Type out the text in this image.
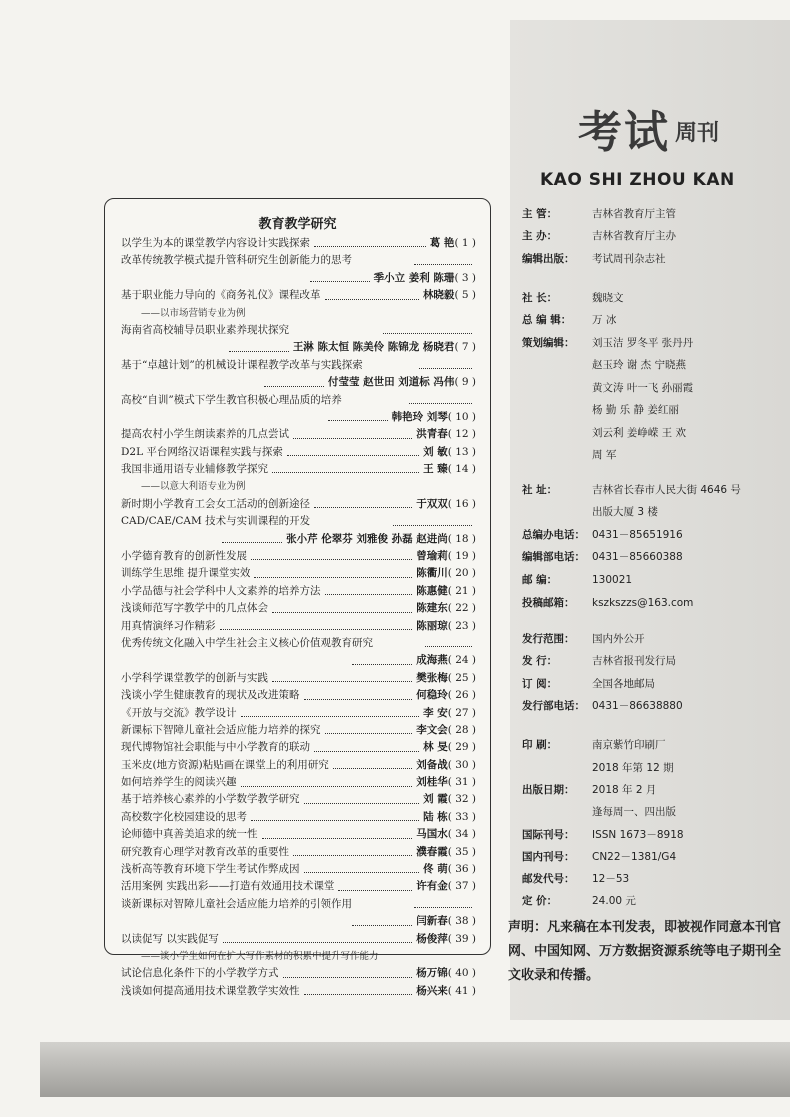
考试 周刊
KAO SHI ZHOU KAN
教育教学研究
以学生为本的课堂教学内容设计实践探索	葛 艳 ( 1 )
改革传统教学模式提升管科研究生创新能力的思考
季小立 姜利 陈珊 ( 3 )
基于职业能力导向的《商务礼仪》课程改革	林晓毅 ( 5 )
——以市场营销专业为例
海南省高校辅导员职业素养现状探究
王淋 陈太恒 陈美伶 陈锦龙 杨晓君 ( 7 )
基于“卓越计划”的机械设计课程教学改革与实践探索
付莹莹 赵世田 刘道标 冯伟 ( 9 )
高校“自训”模式下学生教官积极心理品质的培养
韩艳玲 刘琴 ( 10 )
提高农村小学生朗读素养的几点尝试	洪青春 ( 12 )
D2L 平台网络汉语课程实践与探索	刘 敏 ( 13 )
我国非通用语专业辅修教学探究	王 臻 ( 14 )
——以意大利语专业为例
新时期小学教育工会女工活动的创新途径	于双双 ( 16 )
CAD/CAE/CAM 技术与实训课程的开发
张小芹 伦翠芬 刘雅俊 孙磊 赵进尚 ( 18 )
小学德育教育的创新性发展	曾瑜莉 ( 19 )
训练学生思维 提升课堂实效	陈衢川 ( 20 )
小学品德与社会学科中人文素养的培养方法	陈惠健 ( 21 )
浅谈师范写字教学中的几点体会	陈建东 ( 22 )
用真情演绎习作精彩	陈丽琼 ( 23 )
优秀传统文化融入中学生社会主义核心价值观教育研究
成海燕 ( 24 )
小学科学课堂教学的创新与实践	樊张梅 ( 25 )
浅谈小学生健康教育的现状及改进策略	何稳玲 ( 26 )
《开放与交流》教学设计	李 安 ( 27 )
新课标下智障儿童社会适应能力培养的探究	李文会 ( 28 )
现代博物馆社会职能与中小学教育的联动	林 旻 ( 29 )
玉米皮(地方资源)粘贴画在课堂上的利用研究	刘备战 ( 30 )
如何培养学生的阅读兴趣	刘桂华 ( 31 )
基于培养核心素养的小学数学教学研究	刘 霞 ( 32 )
高校数字化校园建设的思考	陆 栋 ( 33 )
论师德中真善美追求的统一性	马国水 ( 34 )
研究教育心理学对教育改革的重要性	濮春霞 ( 35 )
浅析高等教育环境下学生考试作弊成因	佟 萌 ( 36 )
活用案例 实践出彩——打造有效通用技术课堂	许有金 ( 37 )
谈新课标对智障儿童社会适应能力培养的引领作用
闫新春 ( 38 )
以读促写 以实践促写	杨俊萍 ( 39 )
——谈小学生如何在扩大写作素材的积累中提升写作能力
试论信息化条件下的小学教学方式	杨万锦 ( 40 )
浅谈如何提高通用技术课堂教学实效性	杨兴来 ( 41 )
主 管：	吉林省教育厅主管
主 办：	吉林省教育厅主办
编辑出版： 考试周刊杂志社
社 长：	魏晓文
总 编 辑： 万 冰
策划编辑： 刘玉洁 罗冬平 张丹丹
赵玉玲 谢 杰 宁晓燕
黄文涛 叶一飞 孙丽霞
杨 勤 乐 静 姜红丽
刘云利 姜峥嵘 王 欢
周 军
社 址：	吉林省长春市人民大街 4646 号
出版大厦 3 楼
总编办电话： 0431－85651916
编辑部电话： 0431－85660388
邮 编：	130021
投稿邮箱： kszkszzs@163.com
发行范围： 国内外公开
发 行：	吉林省报刊发行局
订 阅：	全国各地邮局
发行部电话： 0431－86638880
印 刷：	南京紫竹印刷厂
2018 年第 12 期
出版日期： 2018 年 2 月
逢每周一、四出版
国际刊号： ISSN 1673－8918
国内刊号： CN22－1381/G4
邮发代号： 12－53
定 价：	24.00 元
声明：凡来稿在本刊发表，即被视作同意本刊官网、中国知网、万方数据资源系统等电子期刊全文收录和传播。
